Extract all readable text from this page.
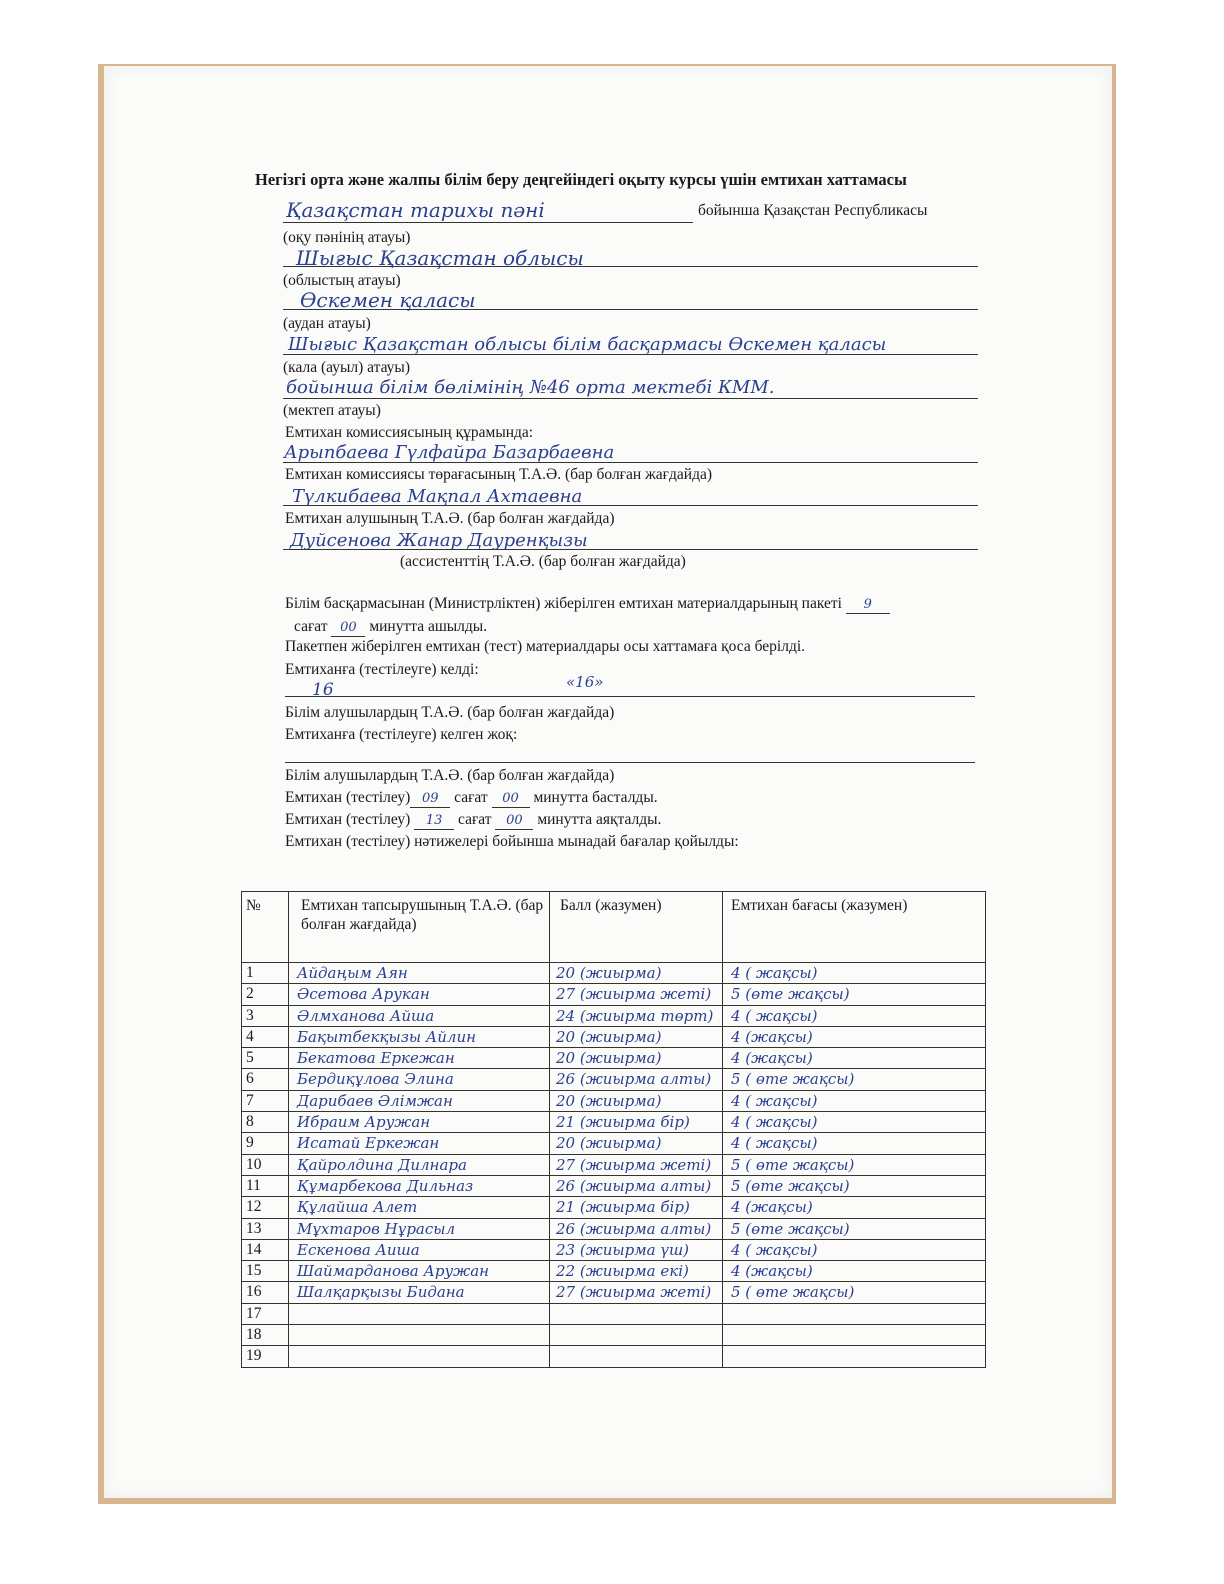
Негізгі орта және жалпы білім беру деңгейіндегі оқыту курсы үшін емтихан хаттамасы
Қазақстан тарихы пәні	бойынша Қазақстан Республикасы
(оқу пәнінің атауы)
Шығыс Қазақстан облысы
(облыстың атауы)
Өскемен қаласы
(аудан атауы)
Шығыс Қазақстан облысы білім басқармасы Өскемен қаласы
(кала (ауыл) атауы)
бойынша білім бөлімінің №46 орта мектебі КММ.
(мектеп атауы)
Емтихан комиссиясының құрамында:
Арыпбаева Гүлфайра Базарбаевна
Емтихан комиссиясы төрағасының Т.А.Ә. (бар болған жағдайда)
Түлкибаева Мақпал Ахтаевна
Емтихан алушының Т.А.Ә. (бар болған жағдайда)
Дуйсенова Жанар Дауренқызы
(ассистенттің Т.А.Ә. (бар болған жағдайда)
Білім басқармасынан (Министрліктен) жіберілген емтихан материалдарының пакеті 9
сағат 00 минутта ашылды.
Пакетпен жіберілген емтихан (тест) материалдары осы хаттамаға қоса берілді.
Емтиханға (тестілеуге) келді:
16	«16»
Білім алушылардың Т.А.Ә. (бар болған жағдайда)
Емтиханға (тестілеуге) келген жоқ:
Білім алушылардың Т.А.Ә. (бар болған жағдайда)
Емтихан (тестілеу) 09 сағат 00 минутта басталды.
Емтихан (тестілеу) 13 сағат 00 минутта аяқталды.
Емтихан (тестілеу) нәтижелері бойынша мынадай бағалар қойылды:
№	Емтихан тапсырушының Т.А.Ә. (бар болған жағдайда)	Балл (жазумен)	Емтихан бағасы (жазумен)
1	Айдаңым Аян	20 (жиырма)	4 ( жақсы)
2	Әсетова Арукан	27 (жиырма жеті)	5 (өте жақсы)
3	Әлмханова Айша	24 (жиырма төрт)	4 ( жақсы)
4	Бақытбекқызы Айлин	20 (жиырма)	4 (жақсы)
5	Бекатова Еркежан	20 (жиырма)	4 (жақсы)
6	Бердиқұлова Элина	26 (жиырма алты)	5 ( өте жақсы)
7	Дарибаев Әлімжан	20 (жиырма)	4 ( жақсы)
8	Ибраим Аружан	21 (жиырма бір)	4 ( жақсы)
9	Исатай Еркежан	20 (жиырма)	4 ( жақсы)
10	Қайролдина Дилнара	27 (жиырма жеті)	5 ( өте жақсы)
11	Құмарбекова Дильназ	26 (жиырма алты)	5 (өте жақсы)
12	Құлайша Алет	21 (жиырма бір)	4 (жақсы)
13	Мұхтаров Нұрасыл	26 (жиырма алты)	5 (өте жақсы)
14	Ескенова Аиша	23 (жиырма үш)	4 ( жақсы)
15	Шаймарданова Аружан	22 (жиырма екі)	4 (жақсы)
16	Шалқарқызы Бидана	27 (жиырма жеті)	5 ( өте жақсы)
17			
18			
19			
